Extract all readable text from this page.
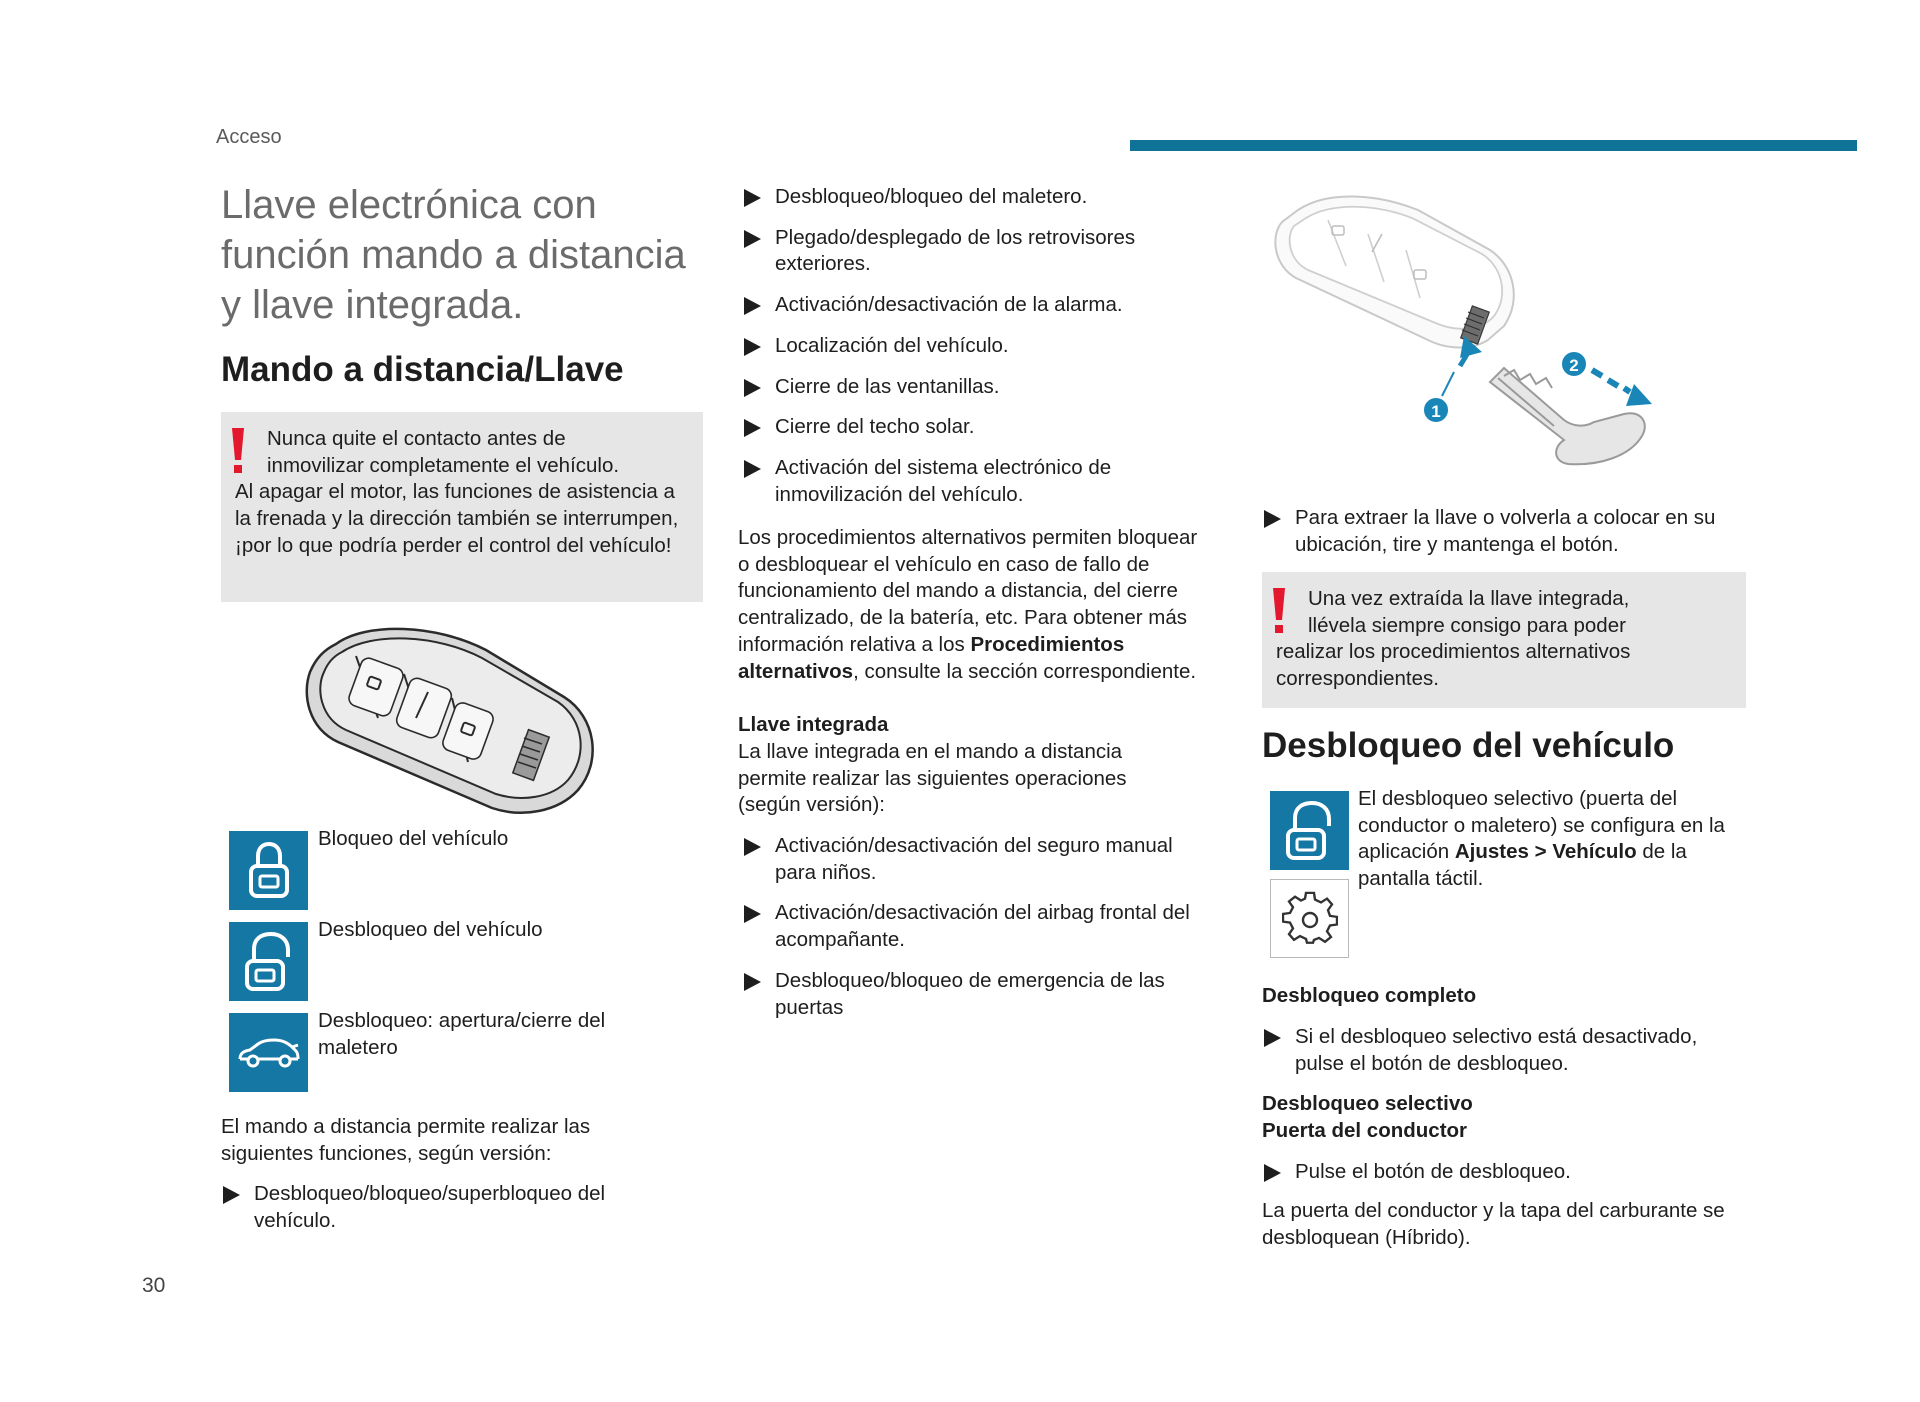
Acceso
30
Llave electrónica con
función mando a distancia
y llave integrada.
Mando a distancia/Llave
Nunca quite el contacto antes de
inmovilizar completamente el vehículo.
Al apagar el motor, las funciones de asistencia a la frenada y la dirección también se interrumpen, ¡por lo que podría perder el control del vehículo!
Bloqueo del vehículo
Desbloqueo del vehículo
Desbloqueo: apertura/cierre del maletero
El mando a distancia permite realizar las siguientes funciones, según versión:
Desbloqueo/bloqueo/superbloqueo del vehículo.
Desbloqueo/bloqueo del maletero.
Plegado/desplegado de los retrovisores exteriores.
Activación/desactivación de la alarma.
Localización del vehículo.
Cierre de las ventanillas.
Cierre del techo solar.
Activación del sistema electrónico de inmovilización del vehículo.
Los procedimientos alternativos permiten bloquear o desbloquear el vehículo en caso de fallo de funcionamiento del mando a distancia, del cierre centralizado, de la batería, etc. Para obtener más información relativa a los Procedimientos alternativos, consulte la sección correspondiente.
Llave integrada
La llave integrada en el mando a distancia permite realizar las siguientes operaciones (según versión):
Activación/desactivación del seguro manual para niños.
Activación/desactivación del airbag frontal del acompañante.
Desbloqueo/bloqueo de emergencia de las puertas
1
2
Para extraer la llave o volverla a colocar en su ubicación, tire y mantenga el botón.
Una vez extraída la llave integrada,
llévela siempre consigo para poder
realizar los procedimientos alternativos correspondientes.
Desbloqueo del vehículo
El desbloqueo selectivo (puerta del conductor o maletero) se configura en la aplicación Ajustes > Vehículo de la pantalla táctil.
Desbloqueo completo
Si el desbloqueo selectivo está desactivado, pulse el botón de desbloqueo.
Desbloqueo selectivo
Puerta del conductor
Pulse el botón de desbloqueo.
La puerta del conductor y la tapa del carburante se desbloquean (Híbrido).
